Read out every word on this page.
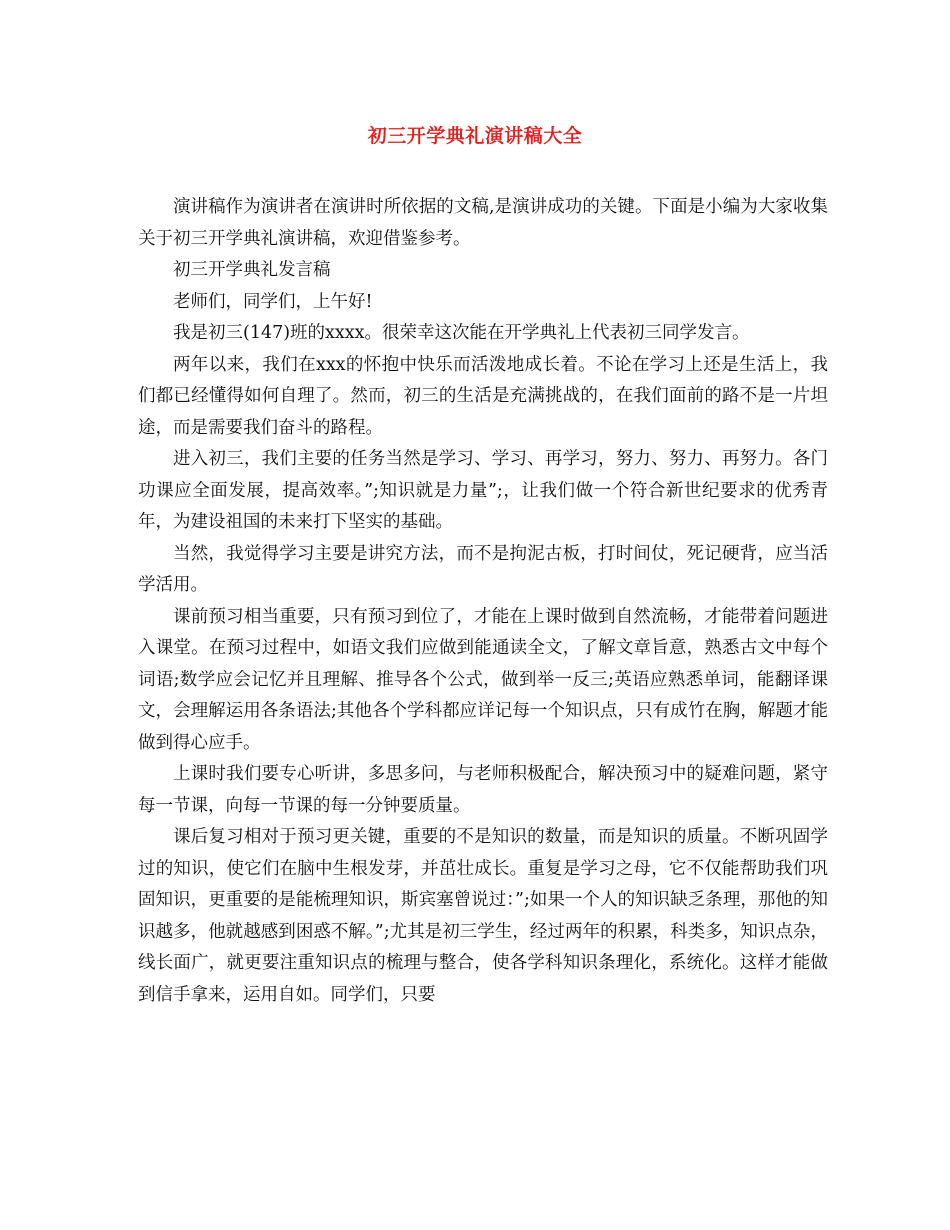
初三开学典礼演讲稿大全

演讲稿作为演讲者在演讲时所依据的文稿,是演讲成功的关键。下面是小编为大家收集关于初三开学典礼演讲稿，欢迎借鉴参考。

初三开学典礼发言稿

老师们，同学们，上午好!

我是初三(147)班的xxxx。很荣幸这次能在开学典礼上代表初三同学发言。

两年以来，我们在xxx的怀抱中快乐而活泼地成长着。不论在学习上还是生活上，我们都已经懂得如何自理了。然而，初三的生活是充满挑战的，在我们面前的路不是一片坦途，而是需要我们奋斗的路程。

进入初三，我们主要的任务当然是学习、学习、再学习，努力、努力、再努力。各门功课应全面发展，提高效率。”;知识就是力量”;，让我们做一个符合新世纪要求的优秀青年，为建设祖国的未来打下坚实的基础。

当然，我觉得学习主要是讲究方法，而不是拘泥古板，打时间仗，死记硬背，应当活学活用。

课前预习相当重要，只有预习到位了，才能在上课时做到自然流畅，才能带着问题进入课堂。在预习过程中，如语文我们应做到能通读全文，了解文章旨意，熟悉古文中每个词语;数学应会记忆并且理解、推导各个公式，做到举一反三;英语应熟悉单词，能翻译课文，会理解运用各条语法;其他各个学科都应详记每一个知识点，只有成竹在胸，解题才能做到得心应手。

上课时我们要专心听讲，多思多问，与老师积极配合，解决预习中的疑难问题，紧守每一节课，向每一节课的每一分钟要质量。

课后复习相对于预习更关键，重要的不是知识的数量，而是知识的质量。不断巩固学过的知识，使它们在脑中生根发芽，并茁壮成长。重复是学习之母，它不仅能帮助我们巩固知识，更重要的是能梳理知识，斯宾塞曾说过：”;如果一个人的知识缺乏条理，那他的知识越多，他就越感到困惑不解。”;尤其是初三学生，经过两年的积累，科类多，知识点杂，线长面广，就更要注重知识点的梳理与整合，使各学科知识条理化，系统化。这样才能做到信手拿来，运用自如。同学们，只要
